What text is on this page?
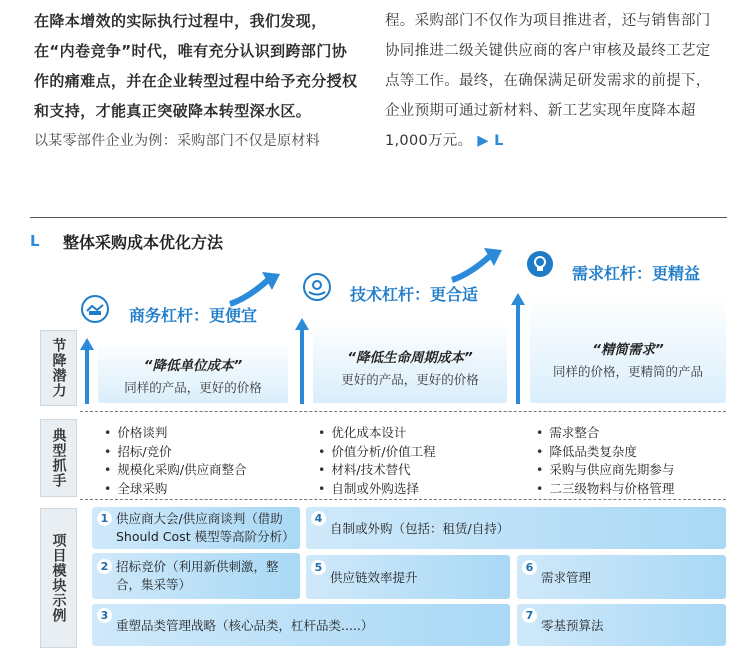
在降本增效的实际执行过程中，我们发现，在“内卷竞争”时代，唯有充分认识到跨部门协作的痛难点，并在企业转型过程中给予充分授权和支持，才能真正突破降本转型深水区。
以某零部件企业为例：采购部门不仅是原材料
程。采购部门不仅作为项目推进者，还与销售部门协同推进二级关键供应商的客户审核及最终工艺定点等工作。最终，在确保满足研发需求的前提下，企业预期可通过新材料、新工艺实现年度降本超1,000万元。 ▶ L
L 整体采购成本优化方法
商务杠杆：更便宜
技术杠杆：更合适
需求杠杆：更精益
节降潜力
典型抓手
项目模块示例
“降低单位成本”
同样的产品，更好的价格
“降低生命周期成本”
更好的产品，更好的价格
“精简需求”
同样的价格，更精简的产品
• 价格谈判
• 招标/竞价
• 规模化采购/供应商整合
• 全球采购
• 优化成本设计
• 价值分析/价值工程
• 材料/技术替代
• 自制或外购选择
• 需求整合
• 降低品类复杂度
• 采购与供应商先期参与
• 二三级物料与价格管理
1 供应商大会/供应商谈判（借助Should Cost 模型等高阶分析）
4
自制或外购（包括：租赁/自持）
2 招标竞价（利用新供刺激，整合，集采等）
5
供应链效率提升
6
需求管理
3
重塑品类管理战略（核心品类，杠杆品类.....）
7
零基预算法
